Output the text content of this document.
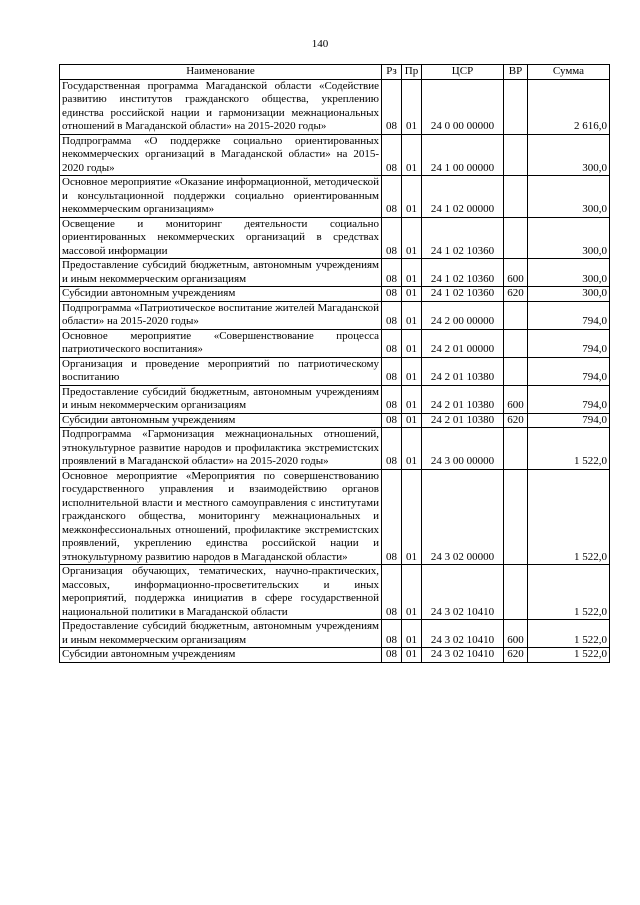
140
Наименование	Рз	Пр	ЦСР	ВР	Сумма
Государственная программа Магаданской области «Содействие развитию институтов гражданского общества, укреплению единства российской нации и гармонизации межнациональных отношений в Магаданской области» на 2015-2020 годы»	08	01	24 0 00 00000		2 616,0
Подпрограмма «О поддержке социально ориентированных некоммерческих организаций в Магаданской области» на 2015-2020 годы»	08	01	24 1 00 00000		300,0
Основное мероприятие «Оказание информационной, методической и консультационной поддержки социально ориентированным некоммерческим организациям»	08	01	24 1 02 00000		300,0
Освещение и мониторинг деятельности социально ориентированных некоммерческих организаций в средствах массовой информации	08	01	24 1 02 10360		300,0
Предоставление субсидий бюджетным, автономным учреждениям и иным некоммерческим организациям	08	01	24 1 02 10360	600	300,0
Субсидии автономным учреждениям	08	01	24 1 02 10360	620	300,0
Подпрограмма «Патриотическое воспитание жителей Магаданской области» на 2015-2020 годы»	08	01	24 2 00 00000		794,0
Основное мероприятие «Совершенствование процесса патриотического воспитания»	08	01	24 2 01 00000		794,0
Организация и проведение мероприятий по патриотическому воспитанию	08	01	24 2 01 10380		794,0
Предоставление субсидий бюджетным, автономным учреждениям и иным некоммерческим организациям	08	01	24 2 01 10380	600	794,0
Субсидии автономным учреждениям	08	01	24 2 01 10380	620	794,0
Подпрограмма «Гармонизация межнациональных отношений, этнокультурное развитие народов и профилактика экстремистских проявлений в Магаданской области» на 2015-2020 годы»	08	01	24 3 00 00000		1 522,0
Основное мероприятие «Мероприятия по совершенствованию государственного управления и взаимодействию органов исполнительной власти и местного самоуправления с институтами гражданского общества, мониторингу межнациональных и межконфессиональных отношений, профилактике экстремистских проявлений, укреплению единства российской нации и этнокультурному развитию народов в Магаданской области»	08	01	24 3 02 00000		1 522,0
Организация обучающих, тематических, научно-практических, массовых, информационно-просветительских и иных мероприятий, поддержка инициатив в сфере государственной национальной политики в Магаданской области	08	01	24 3 02 10410		1 522,0
Предоставление субсидий бюджетным, автономным учреждениям и иным некоммерческим организациям	08	01	24 3 02 10410	600	1 522,0
Субсидии автономным учреждениям	08	01	24 3 02 10410	620	1 522,0
